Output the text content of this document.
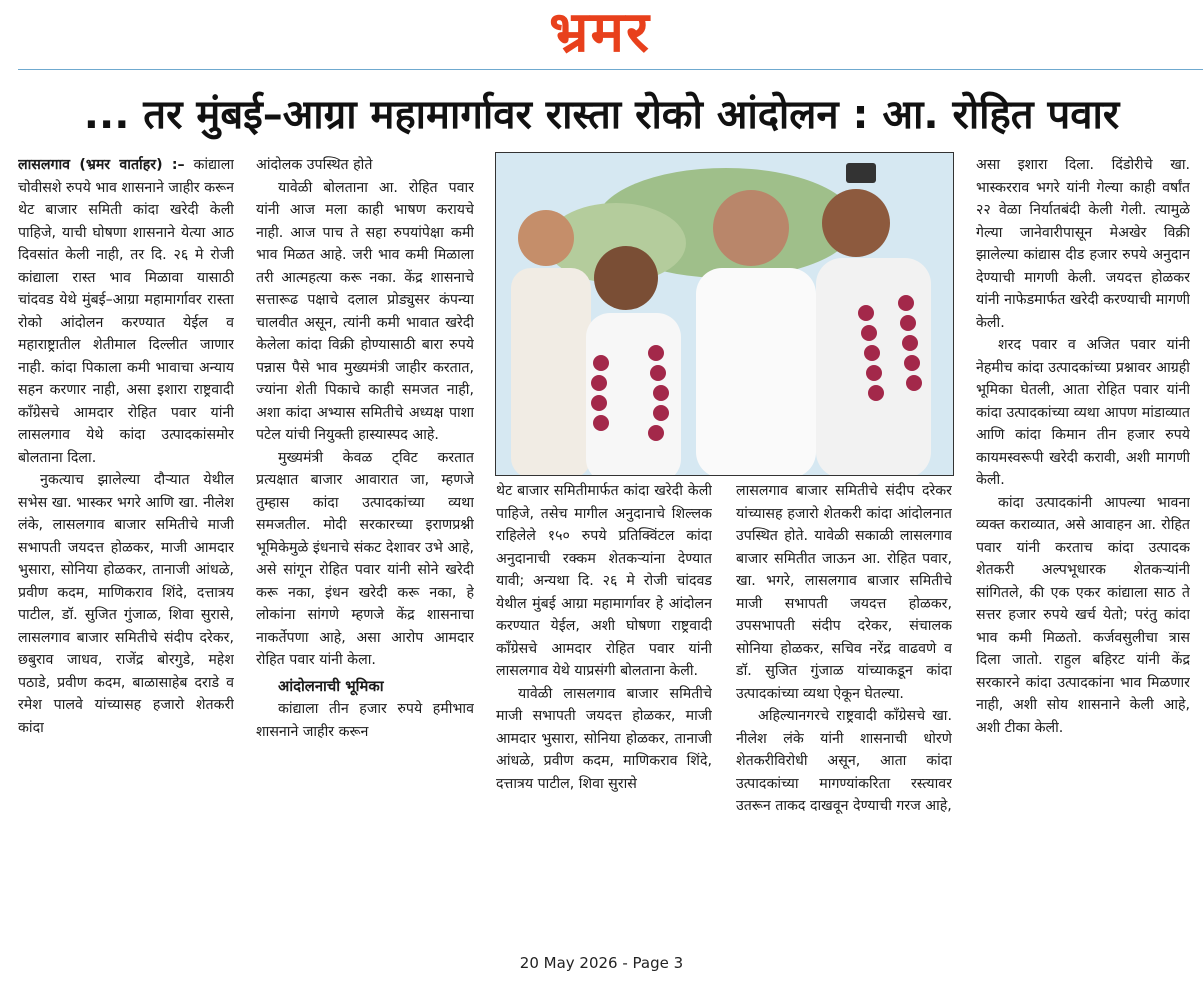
भ्रमर
... तर मुंबई–आग्रा महामार्गावर रास्ता रोको आंदोलन : आ. रोहित पवार

लासलगाव (भ्रमर वार्ताहर) :– कांद्याला चोवीसशे रुपये भाव शासनाने जाहीर करून थेट बाजार समिती कांदा खरेदी केली पाहिजे, याची घोषणा शासनाने येत्या आठ दिवसांत केली नाही, तर दि. २६ मे रोजी कांद्याला रास्त भाव मिळावा यासाठी चांदवड येथे मुंबई–आग्रा महामार्गावर रास्ता रोको आंदोलन करण्यात येईल व महाराष्ट्रातील शेतीमाल दिल्लीत जाणार नाही. कांदा पिकाला कमी भावाचा अन्याय सहन करणार नाही, असा इशारा राष्ट्रवादी काँग्रेसचे आमदार रोहित पवार यांनी लासलगाव येथे कांदा उत्पादकांसमोर बोलताना दिला.

नुकत्याच झालेल्या दौऱ्यात येथील सभेस खा. भास्कर भगरे आणि खा. नीलेश लंके, लासलगाव बाजार समितीचे माजी सभापती जयदत्त होळकर, माजी आमदार भुसारा, सोनिया होळकर, तानाजी आंधळे, प्रवीण कदम, माणिकराव शिंदे, दत्तात्रय पाटील, डॉ. सुजित गुंजाळ, शिवा सुरासे, लासलगाव बाजार समितीचे संदीप दरेकर, छबुराव जाधव, राजेंद्र बोरगुडे, महेश पठाडे, प्रवीण कदम, बाळासाहेब दराडे व रमेश पालवे यांच्यासह हजारो शेतकरी कांदा

आंदोलक उपस्थित होते

यावेळी बोलताना आ. रोहित पवार यांनी आज मला काही भाषण करायचे नाही. आज पाच ते सहा रुपयांपेक्षा कमी भाव मिळत आहे. जरी भाव कमी मिळाला तरी आत्महत्या करू नका. केंद्र शासनाचे सत्तारूढ पक्षाचे दलाल प्रोड्युसर कंपन्या चालवीत असून, त्यांनी कमी भावात खरेदी केलेला कांदा विक्री होण्यासाठी बारा रुपये पन्नास पैसे भाव मुख्यमंत्री जाहीर करतात, ज्यांना शेती पिकाचे काही समजत नाही, अशा कांदा अभ्यास समितीचे अध्यक्ष पाशा पटेल यांची नियुक्ती हास्यास्पद आहे.

मुख्यमंत्री केवळ ट्विट करतात प्रत्यक्षात बाजार आवारात जा, म्हणजे तुम्हास कांदा उत्पादकांच्या व्यथा समजतील. मोदी सरकारच्या इराणप्रश्नी भूमिकेमुळे इंधनाचे संकट देशावर उभे आहे, असे सांगून रोहित पवार यांनी सोने खरेदी करू नका, इंधन खरेदी करू नका, हे लोकांना सांगणे म्हणजे केंद्र शासनाचा नाकर्तेपणा आहे, असा आरोप आमदार रोहित पवार यांनी केला.

आंदोलनाची भूमिका

कांद्याला तीन हजार रुपये हमीभाव शासनाने जाहीर करून

थेट बाजार समितीमार्फत कांदा खरेदी केली पाहिजे, तसेच मागील अनुदानाचे शिल्लक राहिलेले १५० रुपये प्रतिक्विंटल कांदा अनुदानाची रक्कम शेतकऱ्यांना देण्यात यावी; अन्यथा दि. २६ मे रोजी चांदवड येथील मुंबई आग्रा महामार्गावर हे आंदोलन करण्यात येईल, अशी घोषणा राष्ट्रवादी काँग्रेसचे आमदार रोहित पवार यांनी लासलगाव येथे याप्रसंगी बोलताना केली.

यावेळी लासलगाव बाजार समितीचे माजी सभापती जयदत्त होळकर, माजी आमदार भुसारा, सोनिया होळकर, तानाजी आंधळे, प्रवीण कदम, माणिकराव शिंदे, दत्तात्रय पाटील, शिवा सुरासे

लासलगाव बाजार समितीचे संदीप दरेकर यांच्यासह हजारो शेतकरी कांदा आंदोलनात उपस्थित होते. यावेळी सकाळी लासलगाव बाजार समितीत जाऊन आ. रोहित पवार, खा. भगरे, लासलगाव बाजार समितीचे माजी सभापती जयदत्त होळकर, उपसभापती संदीप दरेकर, संचालक सोनिया होळकर, सचिव नरेंद्र वाढवणे व डॉ. सुजित गुंजाळ यांच्याकडून कांदा उत्पादकांच्या व्यथा ऐकून घेतल्या.

अहिल्यानगरचे राष्ट्रवादी काँग्रेसचे खा. नीलेश लंके यांनी शासनाची धोरणे शेतकरीविरोधी असून, आता कांदा उत्पादकांच्या मागण्यांकरिता रस्त्यावर उतरून ताकद दाखवून देण्याची गरज आहे,

असा इशारा दिला. दिंडोरीचे खा. भास्करराव भगरे यांनी गेल्या काही वर्षांत २२ वेळा निर्यातबंदी केली गेली. त्यामुळे गेल्या जानेवारीपासून मेअखेर विक्री झालेल्या कांद्यास दीड हजार रुपये अनुदान देण्याची मागणी केली. जयदत्त होळकर यांनी नाफेडमार्फत खरेदी करण्याची मागणी केली.

शरद पवार व अजित पवार यांनी नेहमीच कांदा उत्पादकांच्या प्रश्नावर आग्रही भूमिका घेतली, आता रोहित पवार यांनी कांदा उत्पादकांच्या व्यथा आपण मांडाव्यात आणि कांदा किमान तीन हजार रुपये कायमस्वरूपी खरेदी करावी, अशी मागणी केली.

कांदा उत्पादकांनी आपल्या भावना व्यक्त कराव्यात, असे आवाहन आ. रोहित पवार यांनी करताच कांदा उत्पादक शेतकरी अल्पभूधारक शेतकऱ्यांनी सांगितले, की एक एकर कांद्याला साठ ते सत्तर हजार रुपये खर्च येतो; परंतु कांदा भाव कमी मिळतो. कर्जवसुलीचा त्रास दिला जातो. राहुल बहिरट यांनी केंद्र सरकारने कांदा उत्पादकांना भाव मिळणार नाही, अशी सोय शासनाने केली आहे, अशी टीका केली.

20 May 2026 - Page 3
